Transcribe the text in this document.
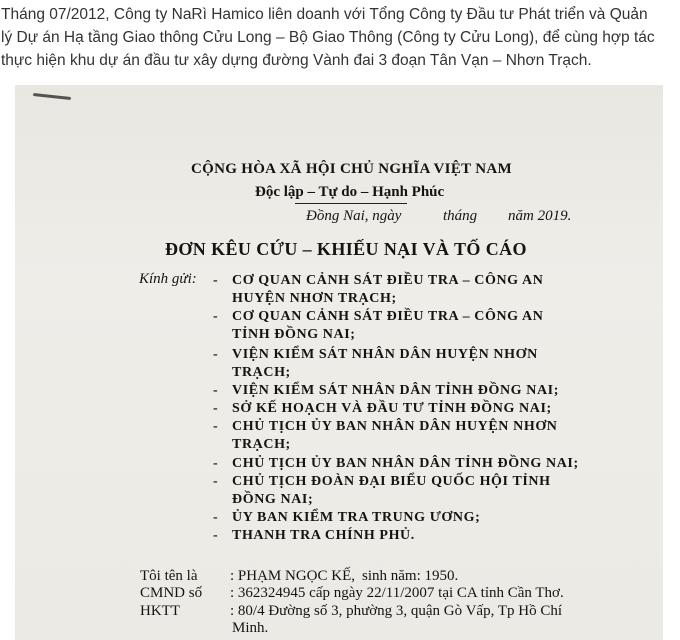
Tháng 07/2012, Công ty NaRì Hamico liên doanh với Tổng Công ty Đầu tư Phát triển và Quản
lý Dự án Hạ tầng Giao thông Cửu Long – Bộ Giao Thông (Công ty Cửu Long), để cùng hợp tác
thực hiện khu dự án đầu tư xây dựng đường Vành đai 3 đoạn Tân Vạn – Nhơn Trạch.
CỘNG HÒA XÃ HỘI CHỦ NGHĨA VIỆT NAM
Độc lập – Tự do – Hạnh Phúc
Đồng Nai, ngày	tháng năm 2019.
ĐƠN KÊU CỨU – KHIẾU NẠI VÀ TỐ CÁO
Kính gửi: - CƠ QUAN CẢNH SÁT ĐIỀU TRA – CÔNG AN
HUYỆN NHƠN TRẠCH;
- CƠ QUAN CẢNH SÁT ĐIỀU TRA – CÔNG AN
TỈNH ĐỒNG NAI;
- VIỆN KIỂM SÁT NHÂN DÂN HUYỆN NHƠN
TRẠCH;
- VIỆN KIỂM SÁT NHÂN DÂN TỈNH ĐỒNG NAI;
- SỞ KẾ HOẠCH VÀ ĐẦU TƯ TỈNH ĐỒNG NAI;
- CHỦ TỊCH ỦY BAN NHÂN DÂN HUYỆN NHƠN
TRẠCH;
- CHỦ TỊCH ỦY BAN NHÂN DÂN TỈNH ĐỒNG NAI;
- CHỦ TỊCH ĐOÀN ĐẠI BIỂU QUỐC HỘI TỈNH
ĐỒNG NAI;
- ỦY BAN KIỂM TRA TRUNG ƯƠNG;
- THANH TRA CHÍNH PHỦ.
Tôi tên là : PHẠM NGỌC KẾ, sinh năm: 1950.
CMND số : 362324945 cấp ngày 22/11/2007 tại CA tỉnh Cần Thơ.
HKTT	: 80/4 Đường số 3, phường 3, quận Gò Vấp, Tp Hồ Chí
Minh.
